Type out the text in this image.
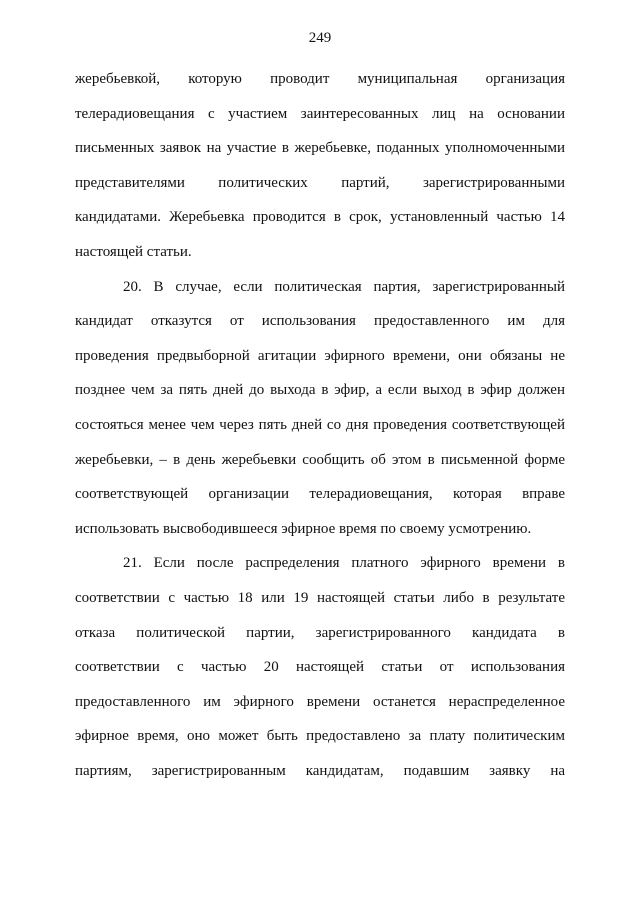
249
жеребьевкой, которую проводит муниципальная организация
телерадиовещания с участием заинтересованных лиц на основании
письменных заявок на участие в жеребьевке, поданных уполномоченными
представителями политических партий, зарегистрированными
кандидатами. Жеребьевка проводится в срок, установленный частью 14
настоящей статьи.
20. В случае, если политическая партия, зарегистрированный
кандидат отказутся от использования предоставленного им для
проведения предвыборной агитации эфирного времени, они обязаны не
позднее чем за пять дней до выхода в эфир, а если выход в эфир должен
состояться менее чем через пять дней со дня проведения соответствующей
жеребьевки, – в день жеребьевки сообщить об этом в письменной форме
соответствующей организации телерадиовещания, которая вправе
использовать высвободившееся эфирное время по своему усмотрению.
21. Если после распределения платного эфирного времени в
соответствии с частью 18 или 19 настоящей статьи либо в результате
отказа политической партии, зарегистрированного кандидата в
соответствии с частью 20 настоящей статьи от использования
предоставленного им эфирного времени останется нераспределенное
эфирное время, оно может быть предоставлено за плату политическим
партиям, зарегистрированным кандидатам, подавшим заявку на
